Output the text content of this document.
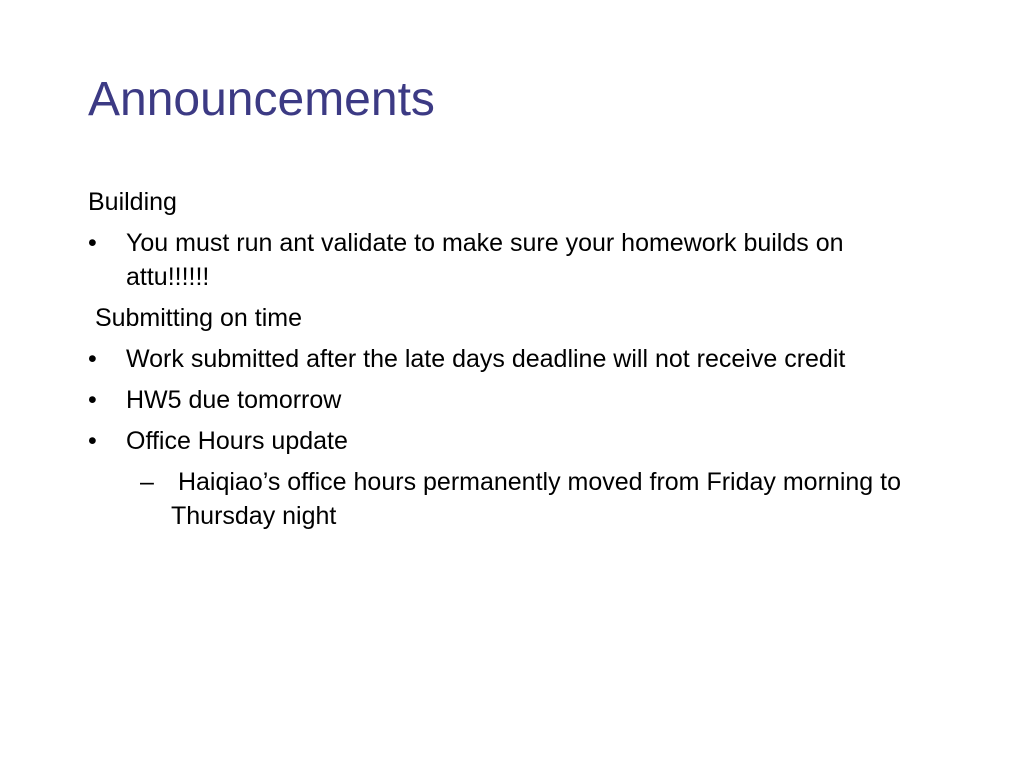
Announcements

Building

•	You must run ant validate to make sure your homework builds on attu!!!!!!

Submitting on time

•	Work submitted after the late days deadline will not receive credit
•	HW5 due tomorrow
•	Office Hours update
– Haiqiao’s office hours permanently moved from Friday morning to Thursday night
